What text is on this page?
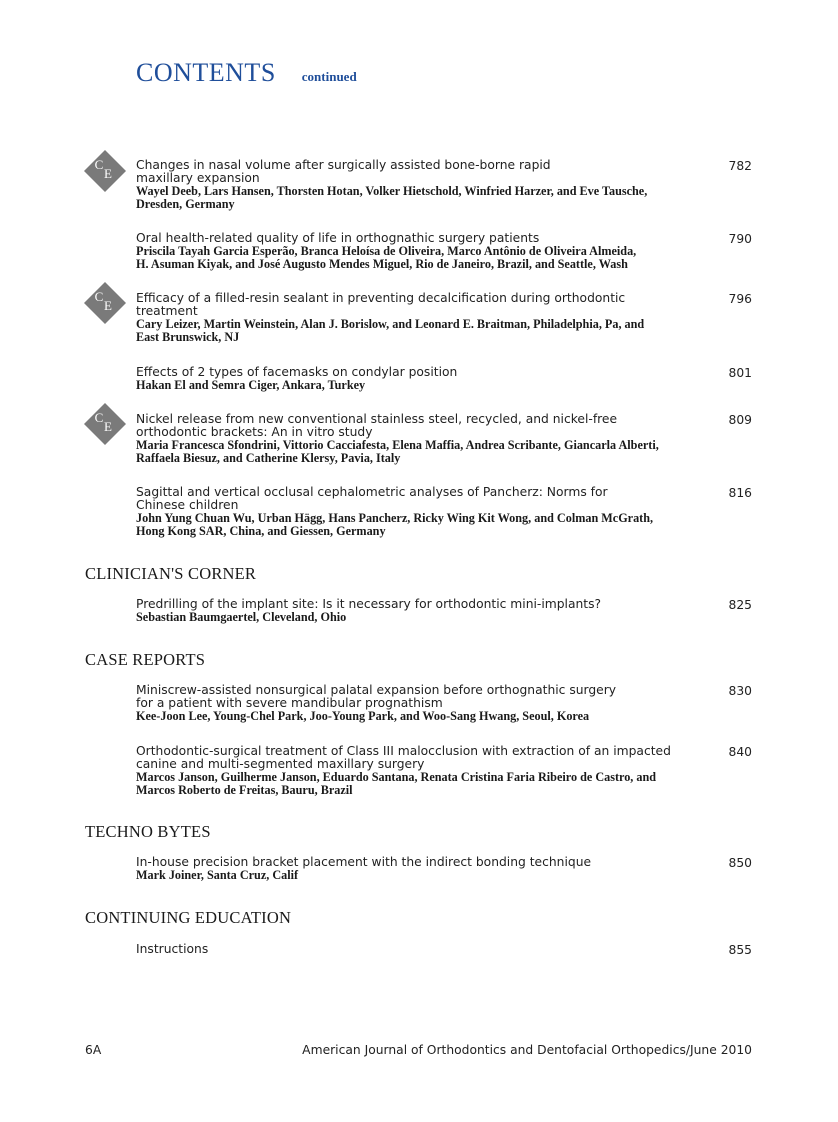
CONTENTS continued
C
E
C
E
C
E
Changes in nasal volume after surgically assisted bone-borne rapid
maxillary expansion
Wayel Deeb, Lars Hansen, Thorsten Hotan, Volker Hietschold, Winfried Harzer, and Eve Tausche,
Dresden, Germany
782
Oral health-related quality of life in orthognathic surgery patients
Priscila Tayah Garcia Esperão, Branca Heloísa de Oliveira, Marco Antônio de Oliveira Almeida,
H. Asuman Kiyak, and José Augusto Mendes Miguel, Rio de Janeiro, Brazil, and Seattle, Wash
790
Efficacy of a filled-resin sealant in preventing decalcification during orthodontic
treatment
Cary Leizer, Martin Weinstein, Alan J. Borislow, and Leonard E. Braitman, Philadelphia, Pa, and
East Brunswick, NJ
796
Effects of 2 types of facemasks on condylar position
Hakan El and Semra Ciger, Ankara, Turkey
801
Nickel release from new conventional stainless steel, recycled, and nickel-free
orthodontic brackets: An in vitro study
Maria Francesca Sfondrini, Vittorio Cacciafesta, Elena Maffia, Andrea Scribante, Giancarla Alberti,
Raffaela Biesuz, and Catherine Klersy, Pavia, Italy
809
Sagittal and vertical occlusal cephalometric analyses of Pancherz: Norms for
Chinese children
John Yung Chuan Wu, Urban Hägg, Hans Pancherz, Ricky Wing Kit Wong, and Colman McGrath,
Hong Kong SAR, China, and Giessen, Germany
816
CLINICIAN'S CORNER
Predrilling of the implant site: Is it necessary for orthodontic mini-implants?
Sebastian Baumgaertel, Cleveland, Ohio
825
CASE REPORTS
Miniscrew-assisted nonsurgical palatal expansion before orthognathic surgery
for a patient with severe mandibular prognathism
Kee-Joon Lee, Young-Chel Park, Joo-Young Park, and Woo-Sang Hwang, Seoul, Korea
830
Orthodontic-surgical treatment of Class III malocclusion with extraction of an impacted
canine and multi-segmented maxillary surgery
Marcos Janson, Guilherme Janson, Eduardo Santana, Renata Cristina Faria Ribeiro de Castro, and
Marcos Roberto de Freitas, Bauru, Brazil
840
TECHNO BYTES
In-house precision bracket placement with the indirect bonding technique
Mark Joiner, Santa Cruz, Calif
850
CONTINUING EDUCATION
Instructions	855
6A	American Journal of Orthodontics and Dentofacial Orthopedics/June 2010
